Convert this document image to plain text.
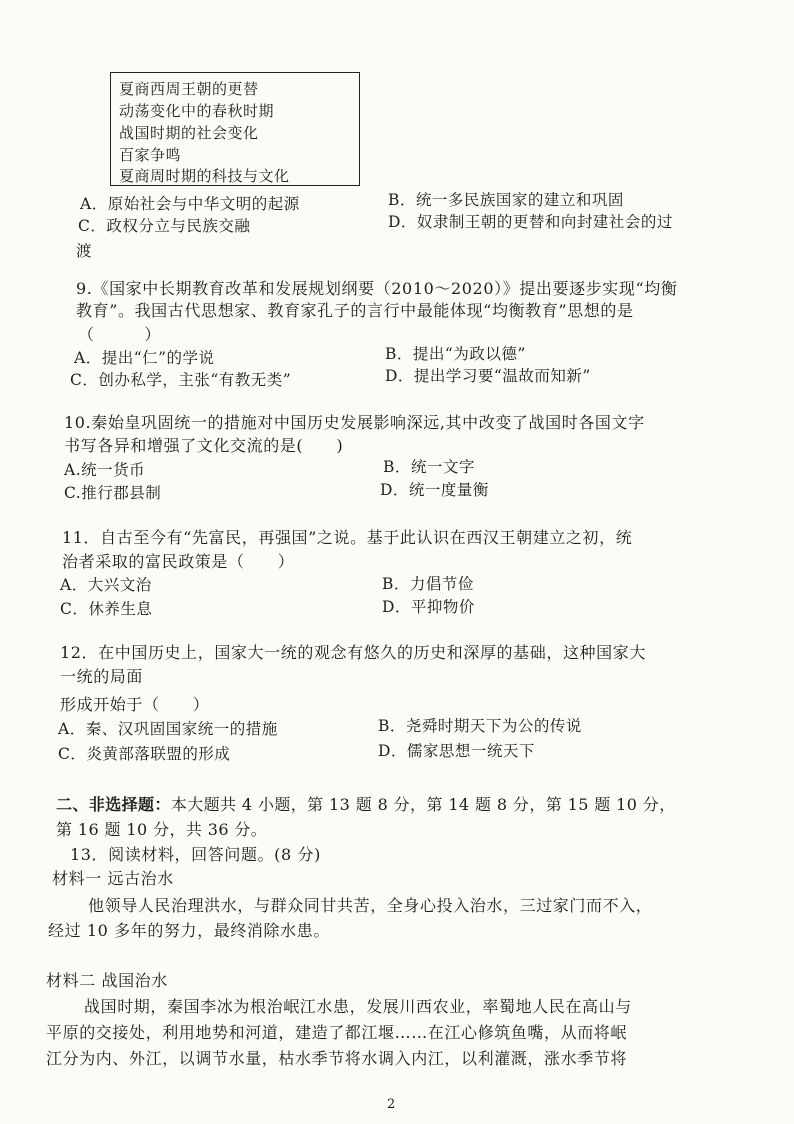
夏商西周王朝的更替
动荡变化中的春秋时期
战国时期的社会变化
百家争鸣
夏商周时期的科技与文化
A．原始社会与中华文明的起源	B．统一多民族国家的建立和巩固
C．政权分立与民族交融	D．奴隶制王朝的更替和向封建社会的过
渡
9.《国家中长期教育改革和发展规划纲要（2010～2020）》提出要逐步实现“均衡
教育”。我国古代思想家、教育家孔子的言行中最能体现“均衡教育”思想的是
（　　　）
A．提出“仁”的学说	B．提出“为政以德”
C．创办私学，主张“有教无类”	D．提出学习要“温故而知新”
10.秦始皇巩固统一的措施对中国历史发展影响深远,其中改变了战国时各国文字
书写各异和增强了文化交流的是(　　)
A.统一货币	B．统一文字
C.推行郡县制	D．统一度量衡
11．自古至今有“先富民，再强国”之说。基于此认识在西汉王朝建立之初，统
治者采取的富民政策是（　　）
A．大兴文治	B．力倡节俭
C．休养生息	D．平抑物价
12．在中国历史上，国家大一统的观念有悠久的历史和深厚的基础，这种国家大
一统的局面
形成开始于（　　）
A．秦、汉巩固国家统一的措施	B．尧舜时期天下为公的传说
C．炎黄部落联盟的形成	D．儒家思想一统天下
二、非选择题：本大题共 4 小题，第 13 题 8 分，第 14 题 8 分，第 15 题 10 分，
第 16 题 10 分，共 36 分。
13．阅读材料，回答问题。(8 分)
材料一 远古治水
他领导人民治理洪水，与群众同甘共苦，全身心投入治水，三过家门而不入，
经过 10 多年的努力，最终消除水患。
材料二 战国治水
战国时期，秦国李冰为根治岷江水患，发展川西农业，率蜀地人民在高山与
平原的交接处，利用地势和河道，建造了都江堰……在江心修筑鱼嘴，从而将岷
江分为内、外江，以调节水量，枯水季节将水调入内江，以利灌溉，涨水季节将
2
